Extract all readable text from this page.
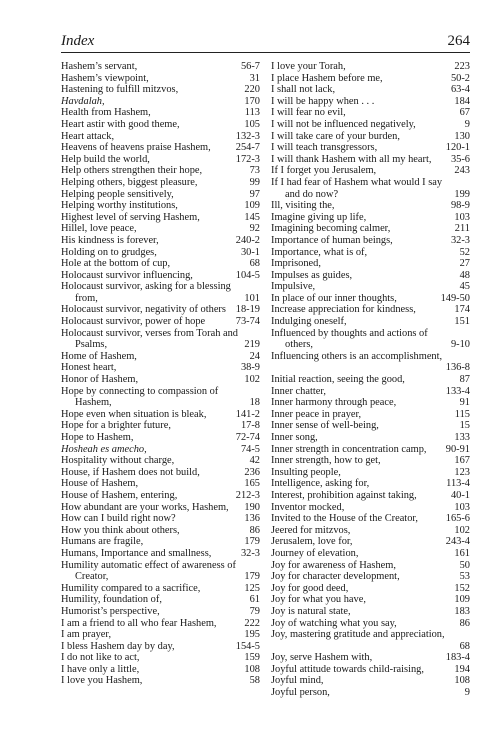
Index	264
Hashem’s servant,	56-7
Hashem’s viewpoint,	31
Hastening to fulfill mitzvos,	220
Havdalah,	170
Health from Hashem,	113
Heart astir with good theme,	105
Heart attack,	132-3
Heavens of heavens praise Hashem,	254-7
Help build the world,	172-3
Help others strengthen their hope,	73
Helping others, biggest pleasure,	99
Helping people sensitively,	97
Helping worthy institutions,	109
Highest level of serving Hashem,	145
Hillel, love peace,	92
His kindness is forever,	240-2
Holding on to grudges,	30-1
Hole at the bottom of cup,	68
Holocaust survivor influencing,	104-5
Holocaust survivor, asking for a blessing from,	101
Holocaust survivor, negativity of others 18-19
Holocaust survivor, power of hope	73-74
Holocaust survivor, verses from Torah and Psalms,	219
Home of Hashem,	24
Honest heart,	38-9
Honor of Hashem,	102
Hope by connecting to compassion of Hashem,	18
Hope even when situation is bleak,	141-2
Hope for a brighter future,	17-8
Hope to Hashem,	72-74
Hosheah es amecho,	74-5
Hospitality without charge,	42
House, if Hashem does not build,	236
House of Hashem,	165
House of Hashem, entering,	212-3
How abundant are your works, Hashem,	190
How can I build right now?	136
How you think about others,	86
Humans are fragile,	179
Humans, Importance and smallness,	32-3
Humility automatic effect of awareness of Creator,	179
Humility compared to a sacrifice,	125
Humility, foundation of,	61
Humorist’s perspective,	79
I am a friend to all who fear Hashem,	222
I am prayer,	195
I bless Hashem day by day,	154-5
I do not like to act,	159
I have only a little,	108
I love you Hashem,	58
I love your Torah,	223
I place Hashem before me,	50-2
I shall not lack,	63-4
I will be happy when . . .	184
I will fear no evil,	67
I will not be influenced negatively,	9
I will take care of your burden,	130
I will teach transgressors,	120-1
I will thank Hashem with all my heart,	35-6
If I forget you Jerusalem,	243
If I had fear of Hashem what would I say and do now?	199
Ill, visiting the,	98-9
Imagine giving up life,	103
Imagining becoming calmer,	211
Importance of human beings,	32-3
Importance, what is of,	52
Imprisoned,	27
Impulses as guides,	48
Impulsive,	45
In place of our inner thoughts,	149-50
Increase appreciation for kindness,	174
Indulging oneself,	151
Influenced by thoughts and actions of others,	9-10
Influencing others is an accomplishment,
136-8
Initial reaction, seeing the good,	87
Inner chatter,	133-4
Inner harmony through peace,	91
Inner peace in prayer,	115
Inner sense of well-being,	15
Inner song,	133
Inner strength in concentration camp,	90-91
Inner strength, how to get,	167
Insulting people,	123
Intelligence, asking for,	113-4
Interest, prohibition against taking,	40-1
Inventor mocked,	103
Invited to the House of the Creator,	165-6
Jeered for mitzvos,	102
Jerusalem, love for,	243-4
Journey of elevation,	161
Joy for awareness of Hashem,	50
Joy for character development,	53
Joy for good deed,	152
Joy for what you have,	109
Joy is natural state,	183
Joy of watching what you say,	86
Joy, mastering gratitude and appreciation,
68
Joy, serve Hashem with,	183-4
Joyful attitude towards child-raising,	194
Joyful mind,	108
Joyful person,	9
